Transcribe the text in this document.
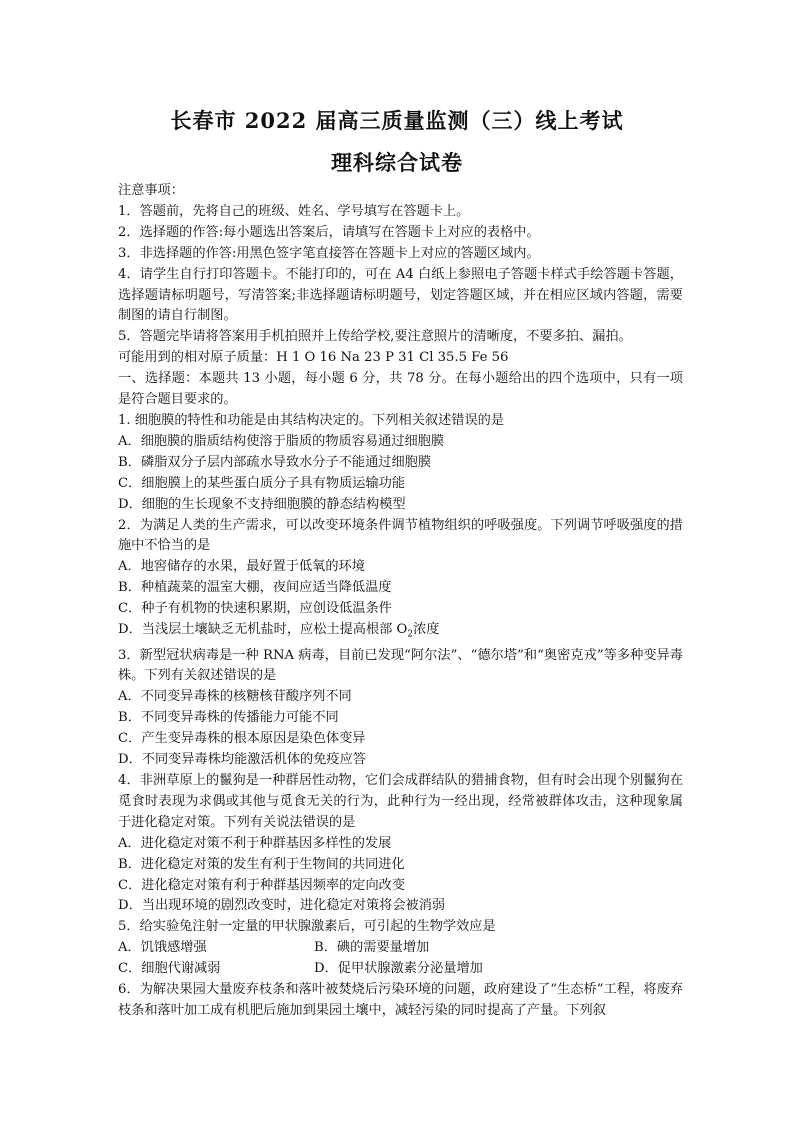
长春市 2022 届高三质量监测（三）线上考试
理科综合试卷

注意事项：

1．答题前，先将自己的班级、姓名、学号填写在答题卡上。

2．选择题的作答:每小题选出答案后，请填写在答题卡上对应的表格中。

3．非选择题的作答:用黑色签字笔直接答在答题卡上对应的答题区域内。

4．请学生自行打印答题卡。不能打印的，可在 A4 白纸上参照电子答题卡样式手绘答题卡答题，选择题请标明题号，写清答案;非选择题请标明题号，划定答题区域，并在相应区域内答题，需要制图的请自行制图。

5．答题完毕请将答案用手机拍照并上传给学校,要注意照片的清晰度，不要多拍、漏拍。

可能用到的相对原子质量：H 1 O 16 Na 23 P 31 Cl 35.5 Fe 56

一、选择题：本题共 13 小题，每小题 6 分，共 78 分。在每小题给出的四个选项中，只有一项是符合题目要求的。

1. 细胞膜的特性和功能是由其结构决定的。下列相关叙述错误的是

A．细胞膜的脂质结构使溶于脂质的物质容易通过细胞膜

B．磷脂双分子层内部疏水导致水分子不能通过细胞膜

C．细胞膜上的某些蛋白质分子具有物质运输功能

D．细胞的生长现象不支持细胞膜的静态结构模型

2．为满足人类的生产需求，可以改变环境条件调节植物组织的呼吸强度。下列调节呼吸强度的措施中不恰当的是

A．地窖储存的水果，最好置于低氧的环境

B．种植蔬菜的温室大棚，夜间应适当降低温度

C．种子有机物的快速积累期，应创设低温条件

D．当浅层土壤缺乏无机盐时，应松土提高根部 $O_2$浓度

3．新型冠状病毒是一种 RNA 病毒，目前已发现“阿尔法”、“德尔塔”和“奥密克戎”等多种变异毒株。下列有关叙述错误的是

A．不同变异毒株的核糖核苷酸序列不同

B．不同变异毒株的传播能力可能不同

C．产生变异毒株的根本原因是染色体变异

D．不同变异毒株均能激活机体的免疫应答

4．非洲草原上的鬣狗是一种群居性动物，它们会成群结队的猎捕食物，但有时会出现个别鬣狗在觅食时表现为求偶或其他与觅食无关的行为，此种行为一经出现，经常被群体攻击，这种现象属于进化稳定对策。下列有关说法错误的是

A．进化稳定对策不利于种群基因多样性的发展

B．进化稳定对策的发生有利于生物间的共同进化

C．进化稳定对策有利于种群基因频率的定向改变

D．当出现环境的剧烈改变时，进化稳定对策将会被消弱

5．给实验兔注射一定量的甲状腺激素后，可引起的生物学效应是

A．饥饿感增强	B．碘的需要量增加

C．细胞代谢减弱	D．促甲状腺激素分泌量增加

6．为解决果园大量废弃枝条和落叶被焚烧后污染环境的问题，政府建设了“生态桥”工程，将废弃枝条和落叶加工成有机肥后施加到果园土壤中，减轻污染的同时提高了产量。下列叙
